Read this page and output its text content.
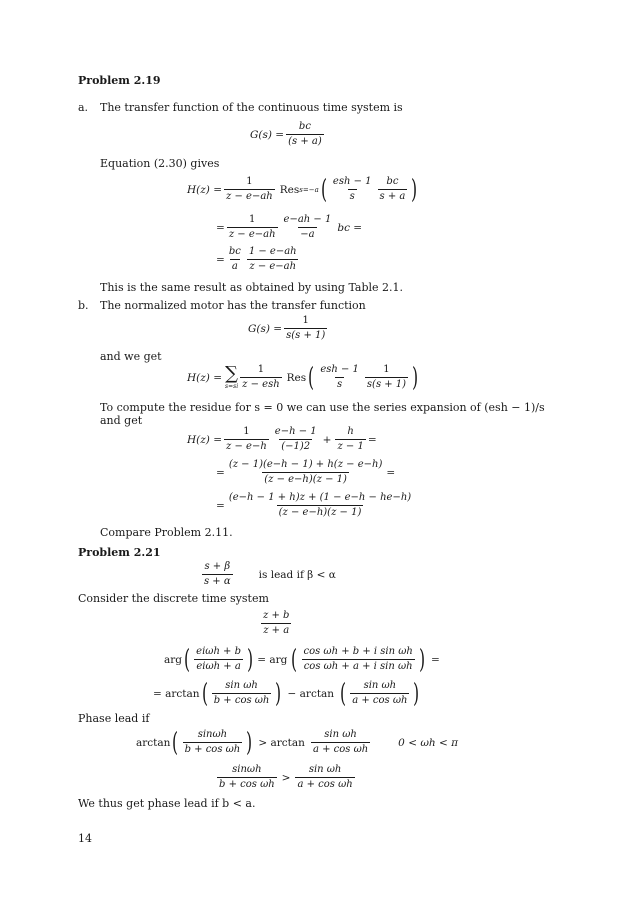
Problem 2.19
a. The transfer function of the continuous time system is
$G(s) = \frac{bc}{(s + a)}$
Equation (2.30) gives
$H(z) = \frac{1}{z - e-ah}$ Res s=−a ( $\frac{\text{esh − 1}}{s} \frac{bc}{s + a}$ )
= $\frac{1}{z - e-ah} \frac{e-ah - 1}{-a}$ bc =
= $\frac{bc}{a} \frac{1 - e-ah}{z - e-ah}$
This is the same result as obtained by using Table 2.1.
b. The normalized motor has the transfer function
$G(s) = \frac{1}{s(s + 1)}$
and we get
H(z) = ∑
$s=si \frac{1}{\text{z − esh}}$ Res ( $\frac{\text{esh − 1}}{s} \frac{1}{s(s + 1)}$ )
To compute the residue for s = 0 we can use the series expansion of (esh − 1)/s
and get
$H(z) = \frac{1}{z - e-h} \frac{e-h - 1}{(-1)2} + \frac{h}{z - 1}$ =
= $\frac{(z - 1)(e-h - 1) + h(z - e-h)}{(z - e-h)(z - 1)}$ =
= $\frac{(e-h - 1 + h)z + (1 - e-h - he-h)}{(z - e-h)(z - 1)}$
Compare Problem 2.11.
Problem 2.21
$\frac{s + \beta}{s + \alpha}$ is lead if β < α
Consider the discrete time system
$\frac{z + b}{z + a}$
arg ( $\frac{\text{eiωh + b}}{\text{eiωh + a}}$ ) = arg ( $\frac{\text{cos ωh + b + i sin ωh}}{\text{cos ωh + a + i sin ωh}}$ ) =
= arctan ( $\frac{\text{sin ωh}}{\text{b + cos ωh}}$ ) − arctan ( $\frac{\text{sin ωh}}{\text{a + cos ωh}}$ )
Phase lead if
arctan ( $\frac{\sin\omega h}{\text{b + cos ωh}}$ ) > $\arctan \frac{\text{sin ωh}}{\text{a + cos ωh}}$	0 < ωh < π
$\frac{\sin\omega h}{\text{b + cos ωh}} > \frac{\text{sin ωh}}{\text{a + cos ωh}}$
We thus get phase lead if b < a.
14
